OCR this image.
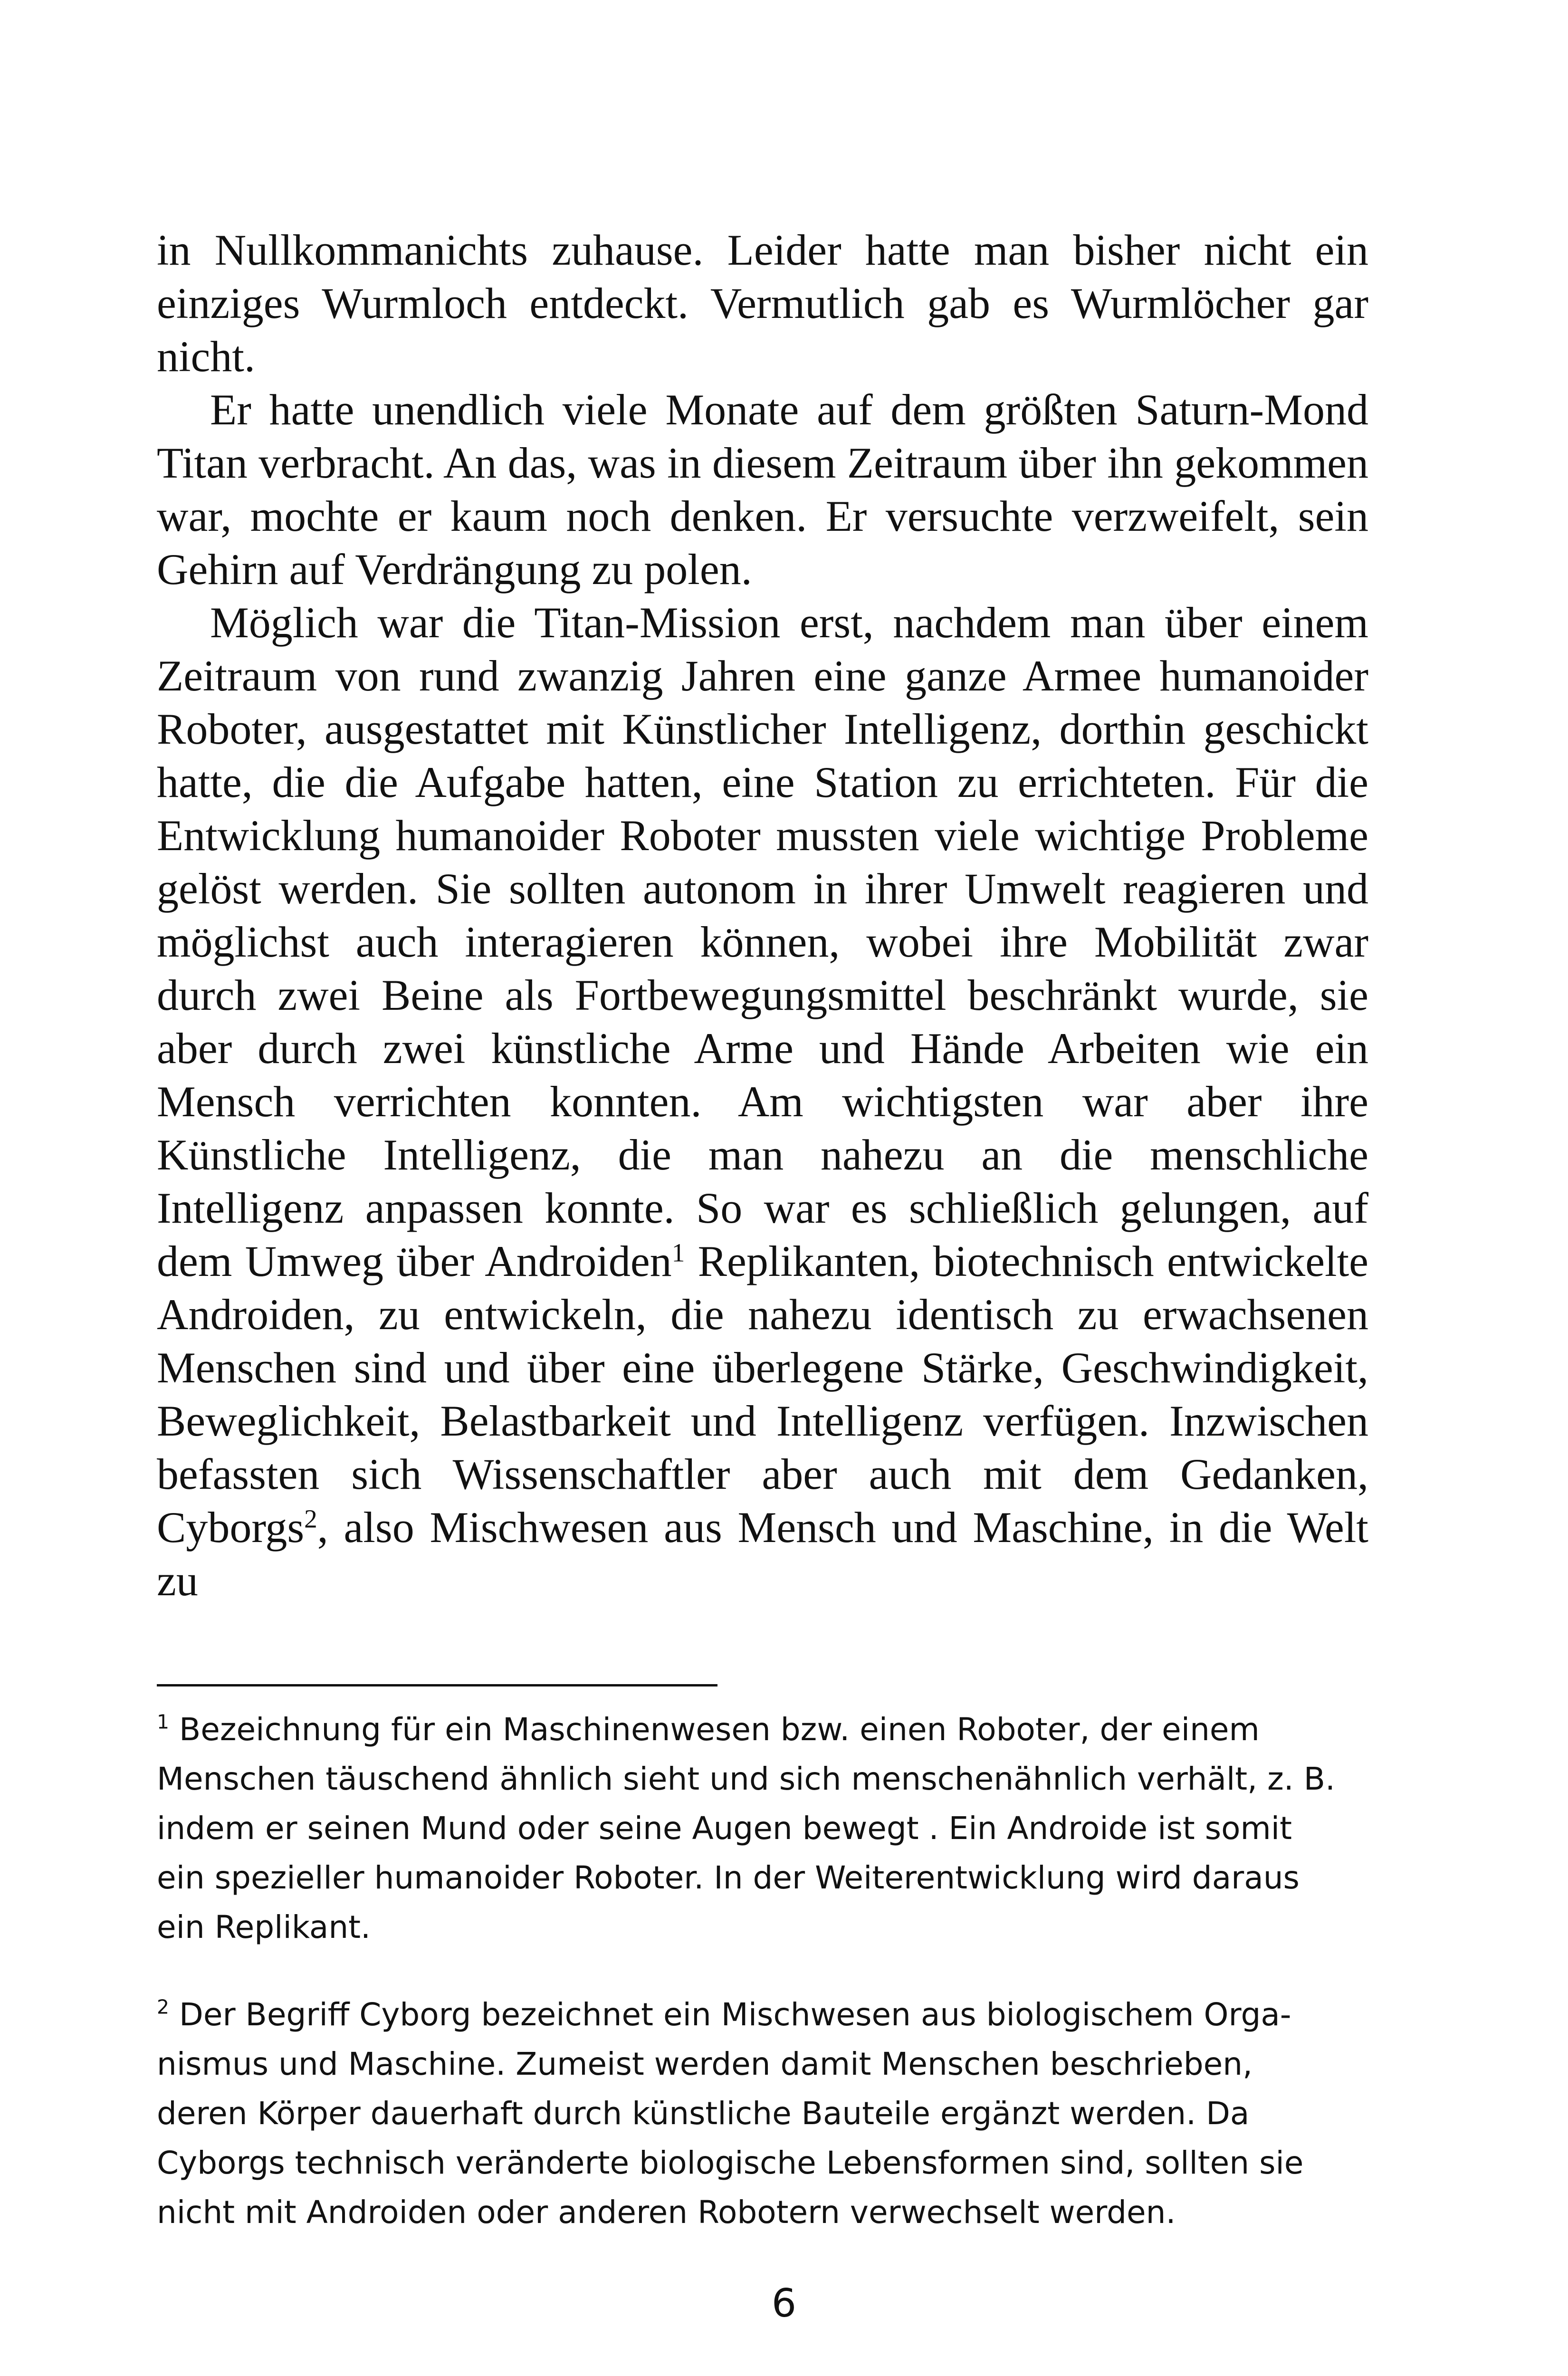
in Nullkommanichts zuhause. Leider hatte man bisher nicht ein einziges Wurmloch entdeckt. Vermutlich gab es Wurmlöcher gar nicht.

Er hatte unendlich viele Monate auf dem größten Saturn-Mond Titan verbracht. An das, was in diesem Zeitraum über ihn gekommen war, mochte er kaum noch denken. Er versuchte verzweifelt, sein Gehirn auf Verdrängung zu polen.

Möglich war die Titan-Mission erst, nachdem man über einem Zeitraum von rund zwanzig Jahren eine ganze Armee humanoider Roboter, ausgestattet mit Künstlicher Intelligenz, dorthin geschickt hatte, die die Aufgabe hatten, eine Station zu errichteten. Für die Entwicklung humanoider Roboter mussten viele wichtige Probleme gelöst werden. Sie sollten autonom in ihrer Umwelt reagieren und möglichst auch interagieren können, wobei ihre Mobilität zwar durch zwei Beine als Fortbewegungsmittel beschränkt wurde, sie aber durch zwei künstliche Arme und Hände Arbeiten wie ein Mensch verrichten konnten. Am wichtigsten war aber ihre Künstliche Intelligenz, die man nahezu an die menschliche Intelligenz anpassen konnte. So war es schließlich gelungen, auf dem Umweg über Androiden$^1$ Replikanten, biotechnisch entwickelte Androiden, zu entwickeln, die nahezu identisch zu erwachsenen Menschen sind und über eine überlegene Stärke, Geschwindigkeit, Beweglichkeit, Belastbarkeit und Intelligenz verfügen. Inzwischen befassten sich Wissenschaftler aber auch mit dem Gedanken, Cyborgs$^2$, also Mischwesen aus Mensch und Maschine, in die Welt zu

$^1$ Bezeichnung für ein Maschinenwesen bzw. einen Roboter, der einem
Menschen täuschend ähnlich sieht und sich menschenähnlich verhält, z. B.
indem er seinen Mund oder seine Augen bewegt . Ein Androide ist somit
ein spezieller humanoider Roboter. In der Weiterentwicklung wird daraus
ein Replikant.
$^2$ Der Begriff Cyborg bezeichnet ein Mischwesen aus biologischem Orga-
nismus und Maschine. Zumeist werden damit Menschen beschrieben,
deren Körper dauerhaft durch künstliche Bauteile ergänzt werden. Da
Cyborgs technisch veränderte biologische Lebensformen sind, sollten sie
nicht mit Androiden oder anderen Robotern verwechselt werden.
6
